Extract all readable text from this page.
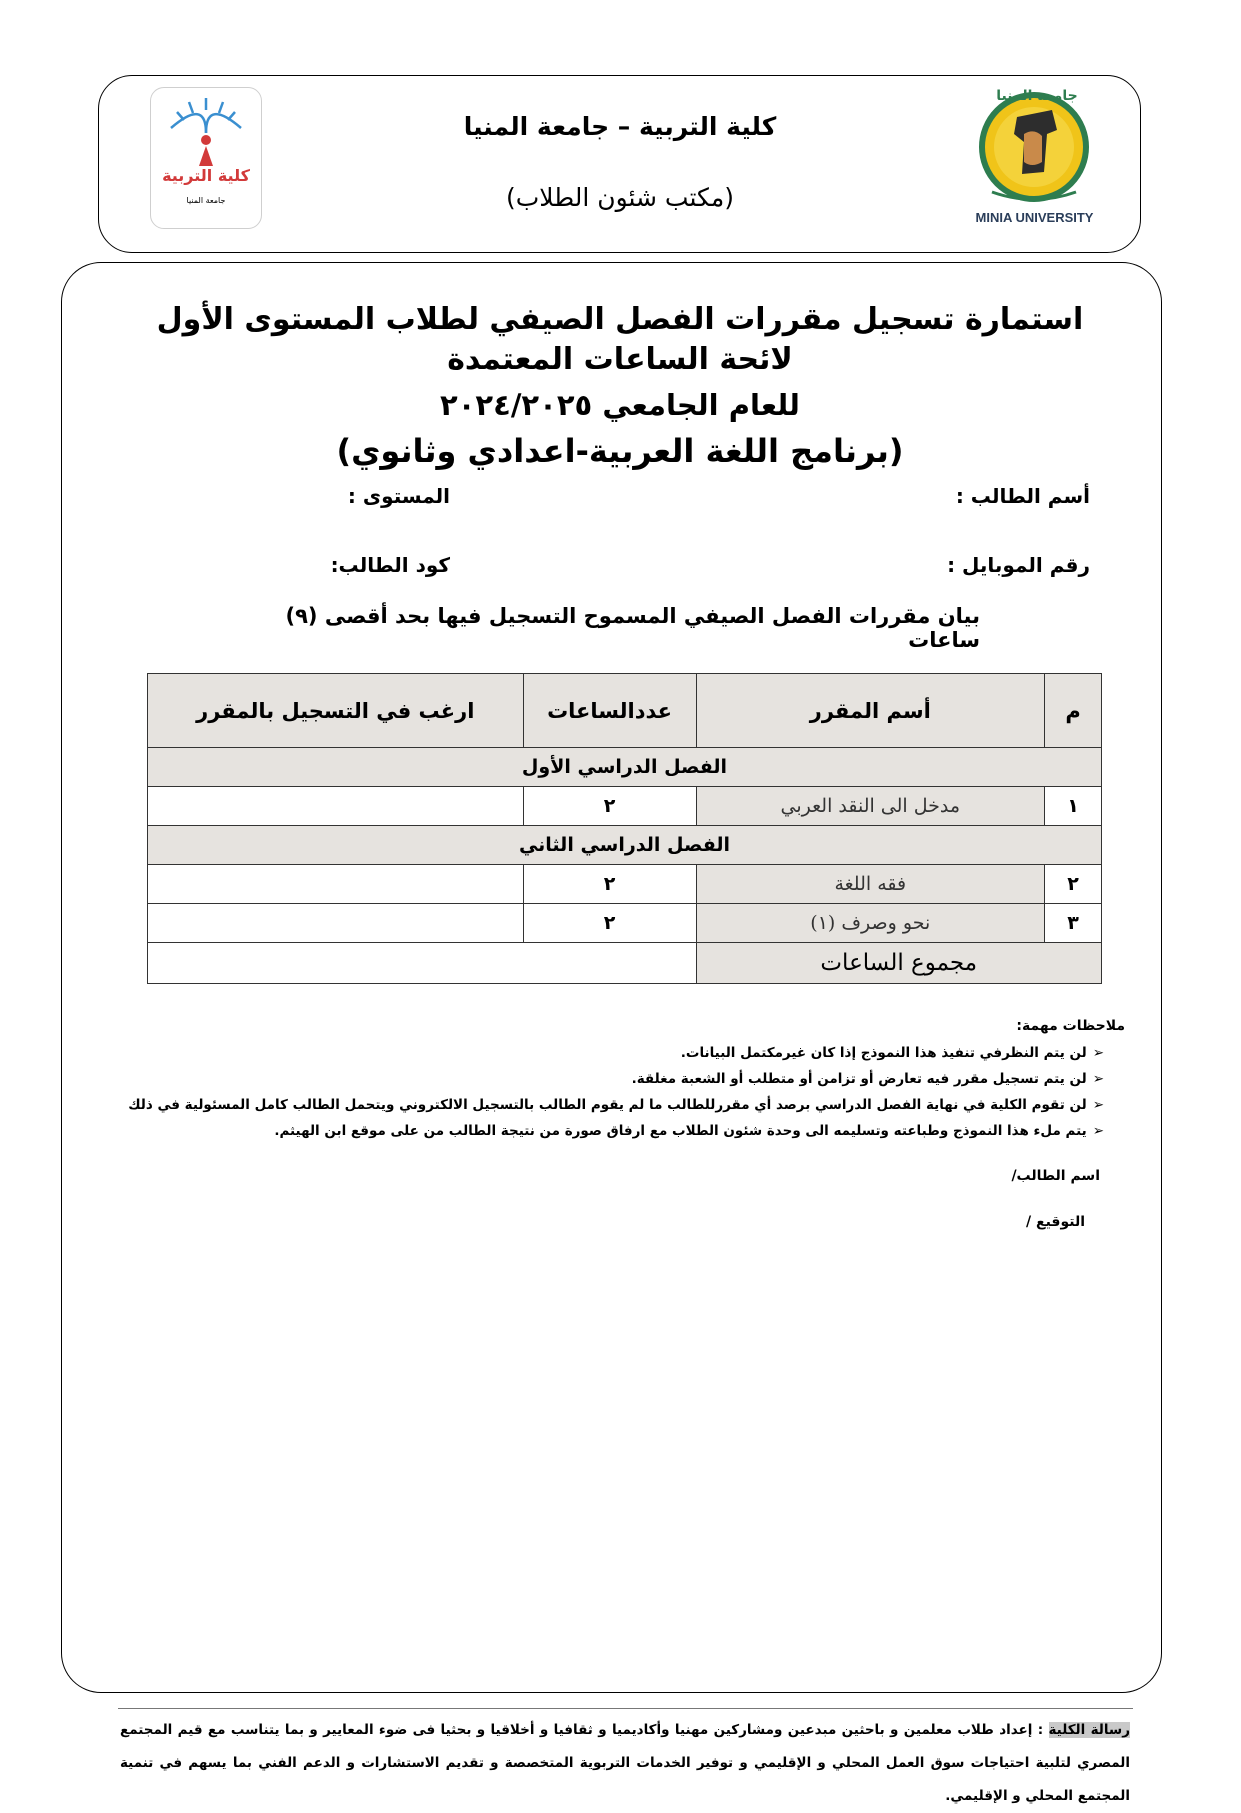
كلية التربية
جامعة المنيا
كلية التربية – جامعة المنيا
(مكتب شئون الطلاب)
جامعة المنيا
MINIA UNIVERSITY
استمارة تسجيل مقررات الفصل الصيفي لطلاب المستوى الأول لائحة الساعات المعتمدة
للعام الجامعي ٢٠٢٤/٢٠٢٥
(برنامج اللغة العربية-اعدادي وثانوي)
أسم الطالب :
المستوى :
رقم الموبايل :
كود الطالب:
بيان مقررات الفصل الصيفي المسموح التسجيل فيها بحد أقصى (٩) ساعات
م	أسم المقرر	عددالساعات	ارغب في التسجيل بالمقرر
الفصل الدراسي الأول			
١	مدخل الى النقد العربي	٢	
الفصل الدراسي الثاني			
٢	فقه اللغة	٢	
٣	نحو وصرف (١)	٢	
مجموع الساعات			
ملاحظات مهمة:
➢لن يتم النظرفي تنفيذ هذا النموذج إذا كان غيرمكتمل البيانات.
➢لن يتم تسجيل مقرر فيه تعارض أو تزامن أو متطلب أو الشعبة مغلقة.
➢لن تقوم الكلية في نهاية الفصل الدراسي برصد أي مقررللطالب ما لم يقوم الطالب بالتسجيل الالكتروني ويتحمل الطالب كامل المسئولية في ذلك
➢يتم ملء هذا النموذج وطباعته وتسليمه الى وحدة شئون الطلاب مع ارفاق صورة من نتيجة الطالب من على موقع ابن الهيثم.
اسم الطالب/
التوقيع /
رسالة الكلية : إعداد طلاب معلمين و باحثين مبدعين ومشاركين مهنيا وأكاديميا و ثقافيا و أخلاقيا و بحثيا فى ضوء المعايير و بما يتناسب مع قيم المجتمع المصري لتلبية احتياجات سوق العمل المحلي و الإقليمي و توفير الخدمات التربوية المتخصصة و تقديم الاستشارات و الدعم الفني بما يسهم في تنمية المجتمع المحلي و الإقليمي.
